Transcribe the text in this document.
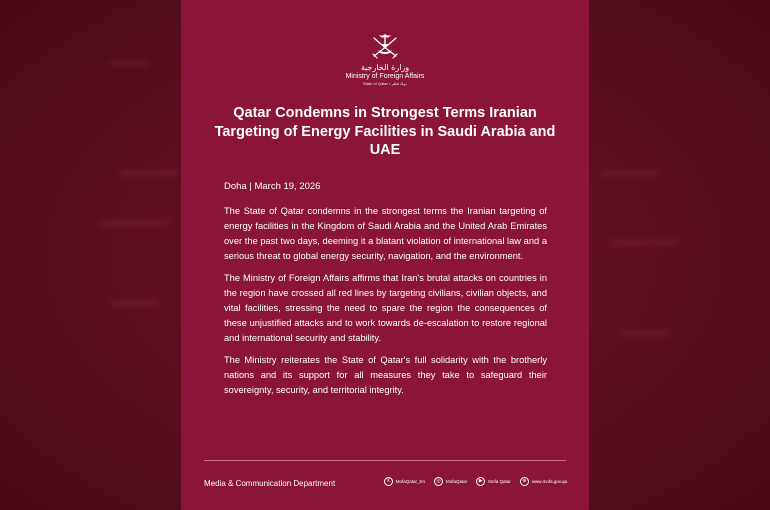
وزارة الخارجية
Ministry of Foreign Affairs
State of Qatar • دولة قطر
Qatar Condemns in Strongest Terms Iranian Targeting of Energy Facilities in Saudi Arabia and UAE
Doha | March 19, 2026

The State of Qatar condemns in the strongest terms the Iranian targeting of energy facilities in the Kingdom of Saudi Arabia and the United Arab Emirates over the past two days, deeming it a blatant violation of international law and a serious threat to global energy security, navigation, and the environment.

The Ministry of Foreign Affairs affirms that Iran's brutal attacks on countries in the region have crossed all red lines by targeting civilians, civilian objects, and vital facilities, stressing the need to spare the region the consequences of these unjustified attacks and to work towards de-escalation to restore regional and international security and stability.

The Ministry reiterates the State of Qatar's full solidarity with the brotherly nations and its support for all measures they take to safeguard their sovereignty, security, and territorial integrity.

Media & Communication Department	X	MofaQatar_En	◎	MofaQatar	▶	Mofa Qatar	⊕	www.mofa.gov.qa
